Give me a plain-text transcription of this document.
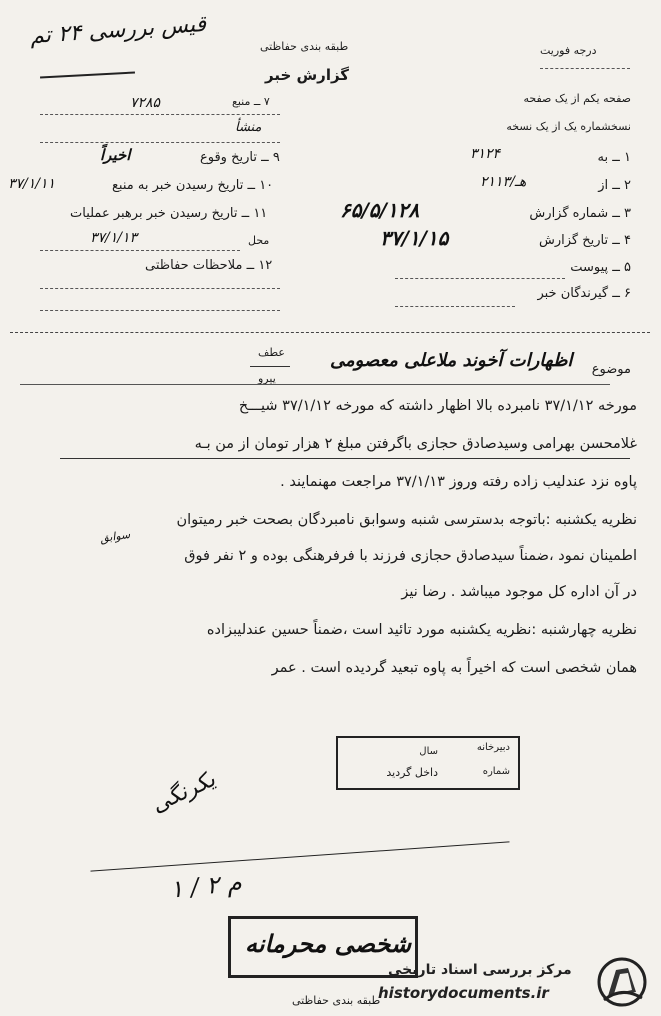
قیس بررسی ۲۴ تم
طبقه بندی حفاظتی
گزارش خبر
درجه فوریت
صفحه یکم از یک صفحه
نسخشماره یک از یک نسخه
۷۲۸۵	۷ ــ منبع
منشأ
۹ ــ تاریخ وقوع
اخیراً
۱۰ ــ تاریخ رسیدن خبر به منبع
۳۷/۱/۱۱
۱۱ ــ تاریخ رسیدن خبر برهبر عملیات
محل
۳۷/۱/۱۳
۱۲ ــ ملاحظات حفاظتی
۱ ــ به
۳۱۲۴
۲ ــ از
۲۱۱۳/هـ
۳ ــ شماره گزارش
۶۵/۵/۱۲۸
۴ ــ تاریخ گزارش
۳۷/۱/۱۵
۵ ــ پیوست
۶ ــ گیرندگان خبر
موضوع
اظهارات آخوند ملاعلی معصومی
عطف
پیرو
مورخه ۳۷/۱/۱۲ نامبرده بالا اظهار داشته که مورخه ۳۷/۱/۱۲ شیـــخ
غلامحسن بهرامی وسیدصادق حجازی باگرفتن مبلغ ۲ هزار تومان از من بـه
پاوه نزد عندلیب زاده رفته وروز ۳۷/۱/۱۳ مراجعت مهنمایند .
نظریه یکشنبه :باتوجه بدسترسی شنبه وسوابق نامبردگان بصحت خبر رمیتوان
سوابق
اطمینان نمود ،ضمناً سیدصادق حجازی فرزند با فرفرهنگی بوده و ۲ نفر فوق
در آن اداره کل موجود میباشد . رضا نیز
نظریه چهارشنبه :نظریه یکشنبه مورد تائید است ،ضمناً حسین عندلیبزاده
همان شخصی است که اخیراً به پاوه تبعید گردیده است . عمر
دبیرخانه
سال
شماره
داخل گردید
یکرنگی
م ۲ / ۱
شخصی محرمانه
مرکز بررسی اسناد تاریخی
historydocuments.ir
طبقه بندی حفاظتی
